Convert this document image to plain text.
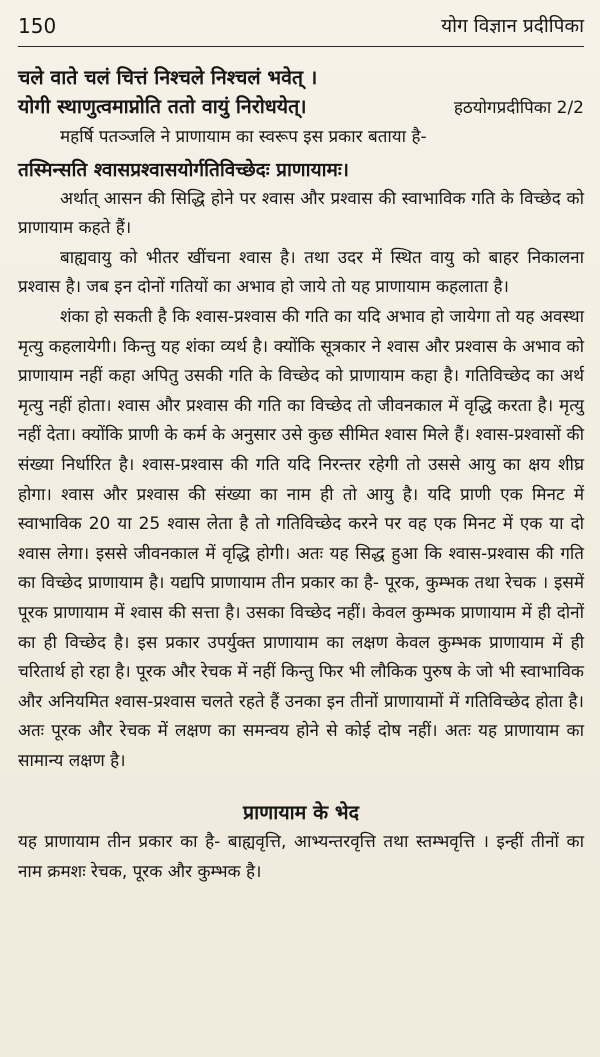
150	योग विज्ञान प्रदीपिका
चले वाते चलं चित्तं निश्चले निश्चलं भवेत् ।
योगी स्थाणुत्वमाप्नोति ततो वायुं निरोधयेत्।	हठयोगप्रदीपिका 2/2

महर्षि पतञ्जलि ने प्राणायाम का स्वरूप इस प्रकार बताया है-

तस्मिन्सति श्वासप्रश्वासयोर्गतिविच्छेदः प्राणायामः।

अर्थात् आसन की सिद्धि होने पर श्वास और प्रश्वास की स्वाभाविक गति के विच्छेद को प्राणायाम कहते हैं।

बाह्यवायु को भीतर खींचना श्वास है। तथा उदर में स्थित वायु को बाहर निकालना प्रश्वास है। जब इन दोनों गतियों का अभाव हो जाये तो यह प्राणायाम कहलाता है।

शंका हो सकती है कि श्वास-प्रश्वास की गति का यदि अभाव हो जायेगा तो यह अवस्था मृत्यु कहलायेगी। किन्तु यह शंका व्यर्थ है। क्योंकि सूत्रकार ने श्वास और प्रश्वास के अभाव को प्राणायाम नहीं कहा अपितु उसकी गति के विच्छेद को प्राणायाम कहा है। गतिविच्छेद का अर्थ मृत्यु नहीं होता। श्वास और प्रश्वास की गति का विच्छेद तो जीवनकाल में वृद्धि करता है। मृत्यु नहीं देता। क्योंकि प्राणी के कर्म के अनुसार उसे कुछ सीमित श्वास मिले हैं। श्वास-प्रश्वासों की संख्या निर्धारित है। श्वास-प्रश्वास की गति यदि निरन्तर रहेगी तो उससे आयु का क्षय शीघ्र होगा। श्वास और प्रश्वास की संख्या का नाम ही तो आयु है। यदि प्राणी एक मिनट में स्वाभाविक 20 या 25 श्वास लेता है तो गतिविच्छेद करने पर वह एक मिनट में एक या दो श्वास लेगा। इससे जीवनकाल में वृद्धि होगी। अतः यह सिद्ध हुआ कि श्वास-प्रश्वास की गति का विच्छेद प्राणायाम है। यद्यपि प्राणायाम तीन प्रकार का है- पूरक, कुम्भक तथा रेचक । इसमें पूरक प्राणायाम में श्वास की सत्ता है। उसका विच्छेद नहीं। केवल कुम्भक प्राणायाम में ही दोनों का ही विच्छेद है। इस प्रकार उपर्युक्त प्राणायाम का लक्षण केवल कुम्भक प्राणायाम में ही चरितार्थ हो रहा है। पूरक और रेचक में नहीं किन्तु फिर भी लौकिक पुरुष के जो भी स्वाभाविक और अनियमित श्वास-प्रश्वास चलते रहते हैं उनका इन तीनों प्राणायामों में गतिविच्छेद होता है। अतः पूरक और रेचक में लक्षण का समन्वय होने से कोई दोष नहीं। अतः यह प्राणायाम का सामान्य लक्षण है।

प्राणायाम के भेद

यह प्राणायाम तीन प्रकार का है- बाह्यवृत्ति, आभ्यन्तरवृत्ति तथा स्तम्भवृत्ति । इन्हीं तीनों का नाम क्रमशः रेचक, पूरक और कुम्भक है।
